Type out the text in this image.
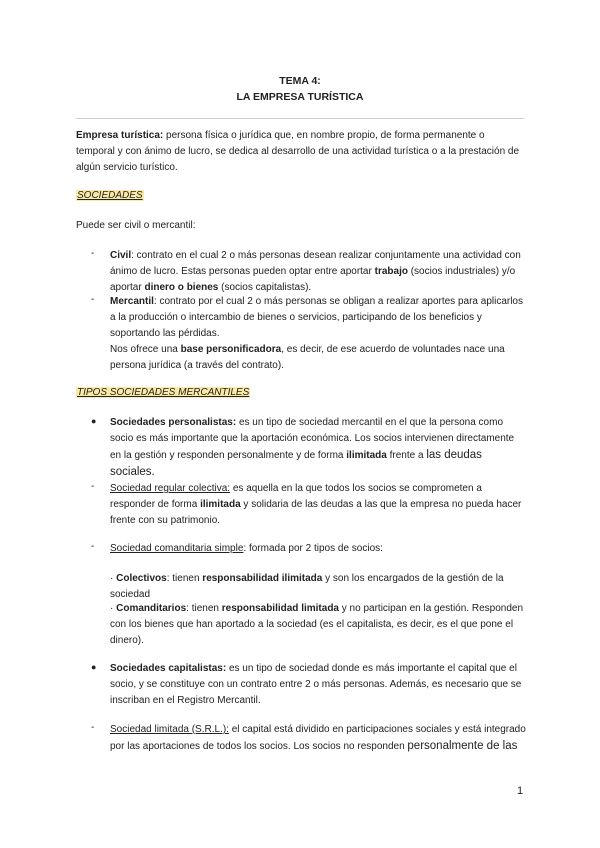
TEMA 4:
LA EMPRESA TURÍSTICA
Empresa turística: persona física o jurídica que, en nombre propio, de forma permanente o temporal y con ánimo de lucro, se dedica al desarrollo de una actividad turística o a la prestación de algún servicio turístico.
SOCIEDADES
Puede ser civil o mercantil:
- Civil: contrato en el cual 2 o más personas desean realizar conjuntamente una actividad con ánimo de lucro. Estas personas pueden optar entre aportar trabajo (socios industriales) y/o aportar dinero o bienes (socios capitalistas).
- Mercantil: contrato por el cual 2 o más personas se obligan a realizar aportes para aplicarlos a la producción o intercambio de bienes o servicios, participando de los beneficios y soportando las pérdidas.
Nos ofrece una base personificadora, es decir, de ese acuerdo de voluntades nace una persona jurídica (a través del contrato).
TIPOS SOCIEDADES MERCANTILES
● Sociedades personalistas: es un tipo de sociedad mercantil en el que la persona como socio es más importante que la aportación económica. Los socios intervienen directamente en la gestión y responden personalmente y de forma ilimitada frente a las deudas sociales.
- Sociedad regular colectiva: es aquella en la que todos los socios se comprometen a responder de forma ilimitada y solidaria de las deudas a las que la empresa no pueda hacer frente con su patrimonio.
- Sociedad comanditaria simple: formada por 2 tipos de socios:
· Colectivos: tienen responsabilidad ilimitada y son los encargados de la gestión de la sociedad
· Comanditarios: tienen responsabilidad limitada y no participan en la gestión. Responden con los bienes que han aportado a la sociedad (es el capitalista, es decir, es el que pone el dinero).
● Sociedades capitalistas: es un tipo de sociedad donde es más importante el capital que el socio, y se constituye con un contrato entre 2 o más personas. Además, es necesario que se inscriban en el Registro Mercantil.
- Sociedad limitada (S.R.L.): el capital está dividido en participaciones sociales y está integrado por las aportaciones de todos los socios. Los socios no responden personalmente de las
1
